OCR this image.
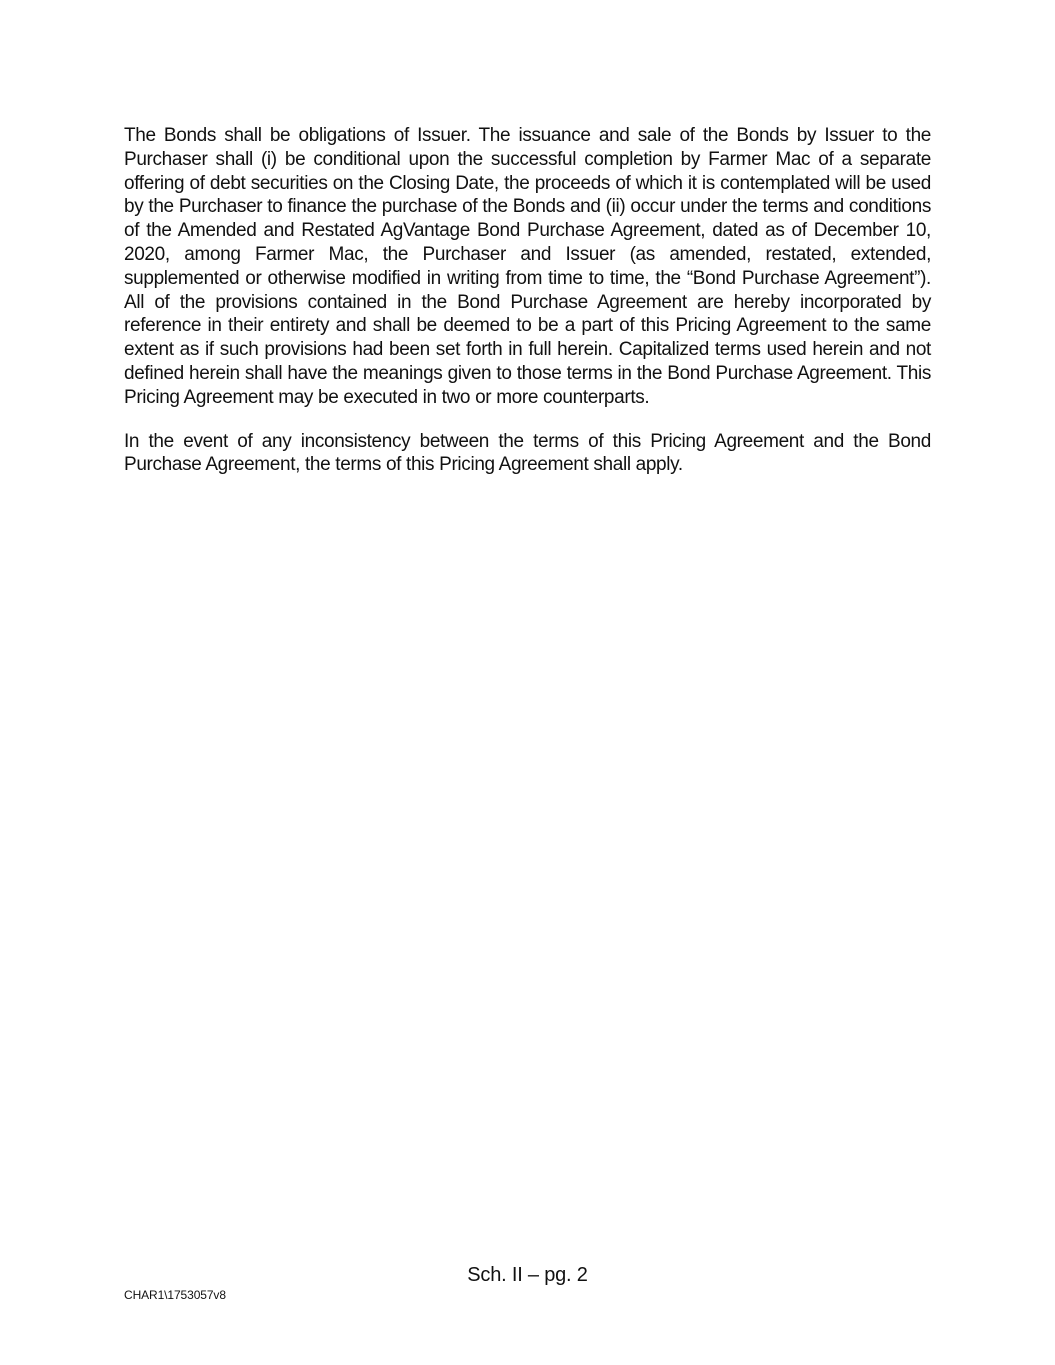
The Bonds shall be obligations of Issuer. The issuance and sale of the Bonds by Issuer to the Purchaser shall (i) be conditional upon the successful completion by Farmer Mac of a separate offering of debt securities on the Closing Date, the proceeds of which it is contemplated will be used by the Purchaser to finance the purchase of the Bonds and (ii) occur under the terms and conditions of the Amended and Restated AgVantage Bond Purchase Agreement, dated as of December 10, 2020, among Farmer Mac, the Purchaser and Issuer (as amended, restated, extended, supplemented or otherwise modified in writing from time to time, the “Bond Purchase Agreement”). All of the provisions contained in the Bond Purchase Agreement are hereby incorporated by reference in their entirety and shall be deemed to be a part of this Pricing Agreement to the same extent as if such provisions had been set forth in full herein. Capitalized terms used herein and not defined herein shall have the meanings given to those terms in the Bond Purchase Agreement. This Pricing Agreement may be executed in two or more counterparts.

In the event of any inconsistency between the terms of this Pricing Agreement and the Bond Purchase Agreement, the terms of this Pricing Agreement shall apply.

Sch. II – pg. 2
CHAR1\1753057v8
